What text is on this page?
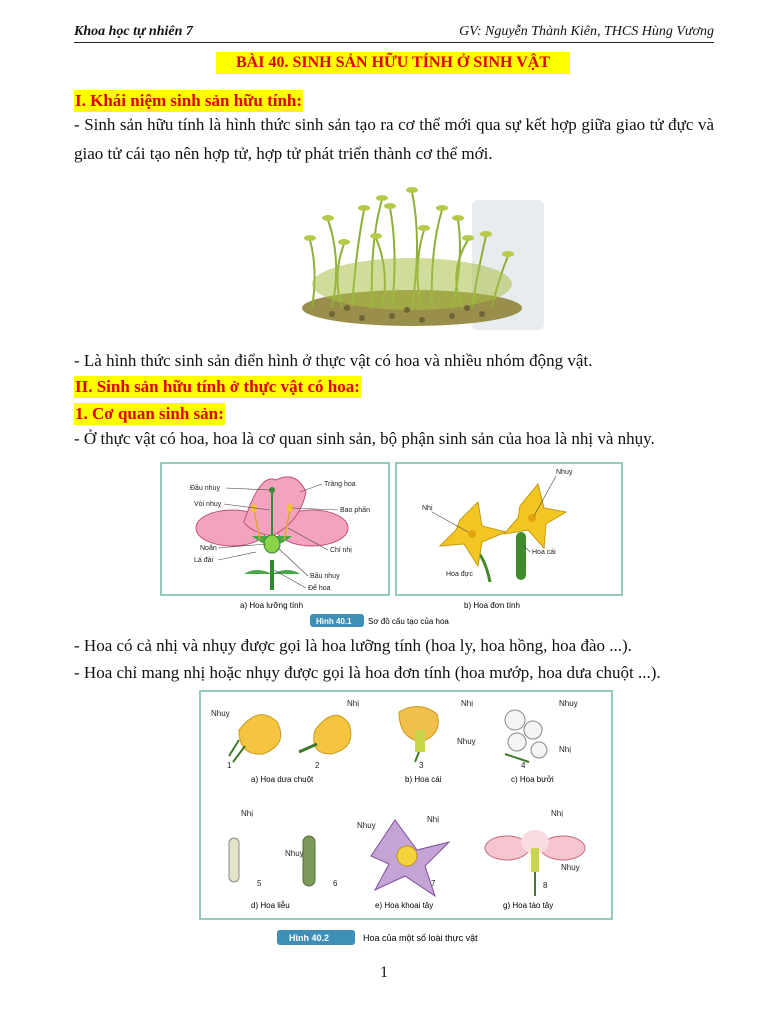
Khoa học tự nhiên 7	GV: Nguyễn Thành Kiên, THCS Hùng Vương
BÀI 40. SINH SẢN HỮU TÍNH Ở SINH VẬT
I. Khái niệm sinh sản hữu tính:
- Sinh sản hữu tính là hình thức sinh sản tạo ra cơ thể mới qua sự kết hợp giữa giao tử đực và giao tử cái tạo nên hợp tử, hợp tử phát triển thành cơ thể mới.
- Là hình thức sinh sản điển hình ở thực vật có hoa và nhiều nhóm động vật.
II. Sinh sản hữu tính ở thực vật có hoa:
1. Cơ quan sinh sản:
- Ở thực vật có hoa, hoa là cơ quan sinh sản, bộ phận sinh sản của hoa là nhị và nhụy.
Đầu nhuỵ
Vòi nhuỵ
Noãn
Lá đài
Tràng hoa
Bao phấn
Chỉ nhị
Bầu nhuỵ
Đế hoa
Nhị
Nhuỵ
Hoa cái
Hoa đực
a) Hoa lưỡng tính	b) Hoa đơn tính
Hình 40.1 Sơ đồ cấu tạo của hoa
- Hoa có cả nhị và nhụy được gọi là hoa lưỡng tính (hoa ly, hoa hồng, hoa đào ...).
- Hoa chỉ mang nhị hoặc nhụy được gọi là hoa đơn tính (hoa mướp, hoa dưa chuột ...).
Nhuỵ
Nhị
1	2
a) Hoa dưa chuột
Nhị
Nhuỵ
3
b) Hoa cái
Nhuỵ
Nhị
4
c) Hoa bưởi
Nhị
Nhuỵ
5	6
d) Hoa liễu
Nhuỵ
Nhị
7
e) Hoa khoai tây
Nhị
Nhuỵ
8
g) Hoa táo tây
Hình 40.2	Hoa của một số loài thực vật
1
